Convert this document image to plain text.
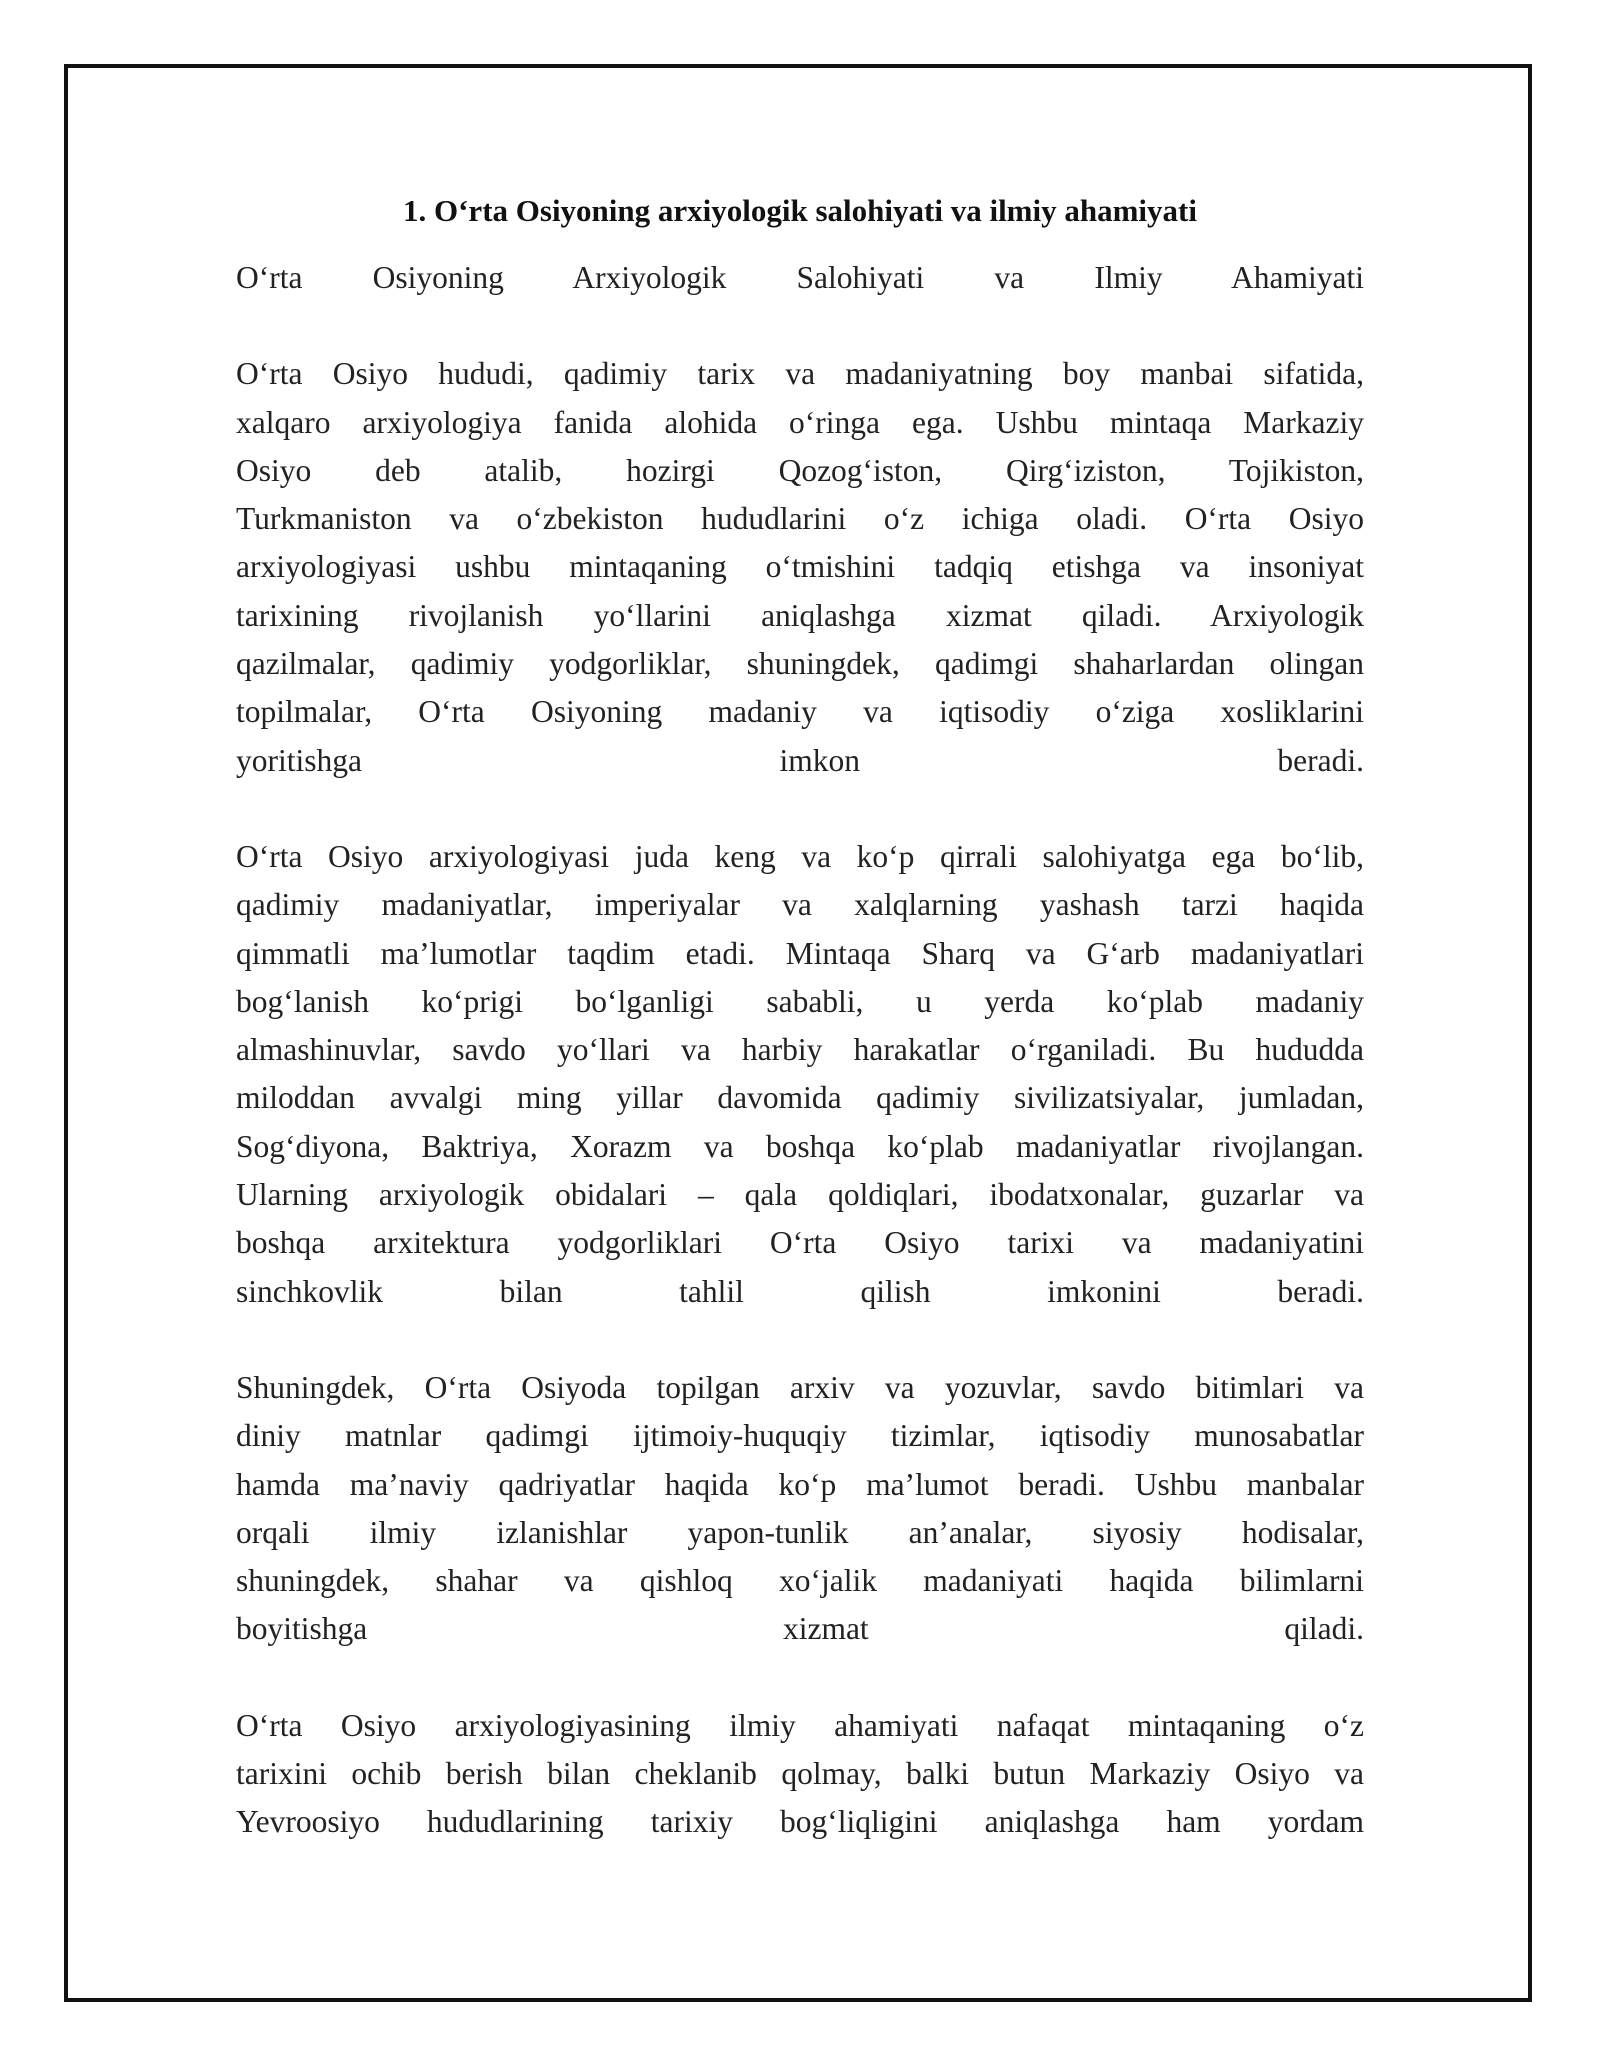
1. O‘rta Osiyoning arxiyologik salohiyati va ilmiy ahamiyati

O‘rta Osiyoning Arxiyologik Salohiyati va Ilmiy Ahamiyati

O‘rta Osiyo hududi, qadimiy tarix va madaniyatning boy manbai sifatida,
xalqaro arxiyologiya fanida alohida o‘ringa ega. Ushbu mintaqa Markaziy
Osiyo deb atalib, hozirgi Qozog‘iston, Qirg‘iziston, Tojikiston,
Turkmaniston va o‘zbekiston hududlarini o‘z ichiga oladi. O‘rta Osiyo
arxiyologiyasi ushbu mintaqaning o‘tmishini tadqiq etishga va insoniyat
tarixining rivojlanish yo‘llarini aniqlashga xizmat qiladi. Arxiyologik
qazilmalar, qadimiy yodgorliklar, shuningdek, qadimgi shaharlardan olingan
topilmalar, O‘rta Osiyoning madaniy va iqtisodiy o‘ziga xosliklarini
yoritishga imkon beradi.

O‘rta Osiyo arxiyologiyasi juda keng va ko‘p qirrali salohiyatga ega bo‘lib,
qadimiy madaniyatlar, imperiyalar va xalqlarning yashash tarzi haqida
qimmatli ma’lumotlar taqdim etadi. Mintaqa Sharq va G‘arb madaniyatlari
bog‘lanish ko‘prigi bo‘lganligi sababli, u yerda ko‘plab madaniy
almashinuvlar, savdo yo‘llari va harbiy harakatlar o‘rganiladi. Bu hududda
miloddan avvalgi ming yillar davomida qadimiy sivilizatsiyalar, jumladan,
Sog‘diyona, Baktriya, Xorazm va boshqa ko‘plab madaniyatlar rivojlangan.
Ularning arxiyologik obidalari – qala qoldiqlari, ibodatxonalar, guzarlar va
boshqa arxitektura yodgorliklari O‘rta Osiyo tarixi va madaniyatini
sinchkovlik bilan tahlil qilish imkonini beradi.

Shuningdek, O‘rta Osiyoda topilgan arxiv va yozuvlar, savdo bitimlari va
diniy matnlar qadimgi ijtimoiy-huquqiy tizimlar, iqtisodiy munosabatlar
hamda ma’naviy qadriyatlar haqida ko‘p ma’lumot beradi. Ushbu manbalar
orqali ilmiy izlanishlar yapon-tunlik an’analar, siyosiy hodisalar,
shuningdek, shahar va qishloq xo‘jalik madaniyati haqida bilimlarni
boyitishga xizmat qiladi.

O‘rta Osiyo arxiyologiyasining ilmiy ahamiyati nafaqat mintaqaning o‘z
tarixini ochib berish bilan cheklanib qolmay, balki butun Markaziy Osiyo va
Yevroosiyo hududlarining tarixiy bog‘liqligini aniqlashga ham yordam
